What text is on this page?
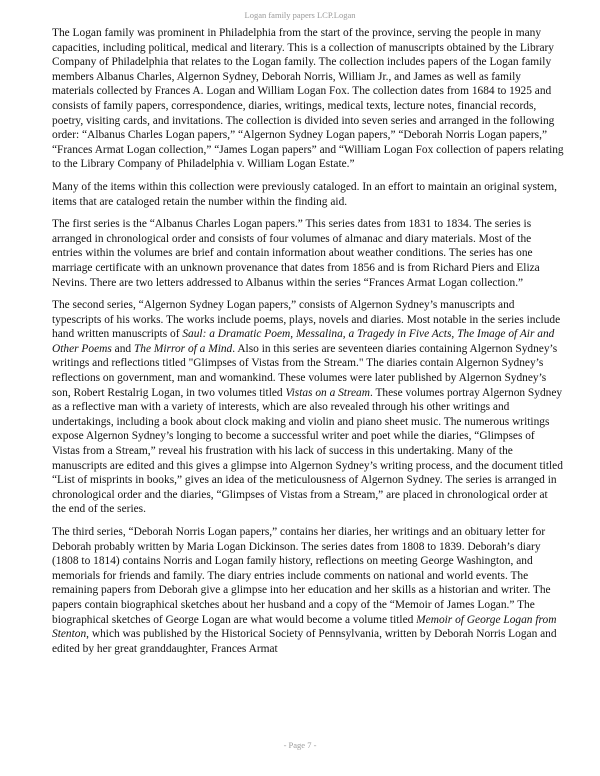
Logan family papers LCP.Logan

The Logan family was prominent in Philadelphia from the start of the province, serving the people in many capacities, including political, medical and literary. This is a collection of manuscripts obtained by the Library Company of Philadelphia that relates to the Logan family. The collection includes papers of the Logan family members Albanus Charles, Algernon Sydney, Deborah Norris, William Jr., and James as well as family materials collected by Frances A. Logan and William Logan Fox. The collection dates from 1684 to 1925 and consists of family papers, correspondence, diaries, writings, medical texts, lecture notes, financial records, poetry, visiting cards, and invitations. The collection is divided into seven series and arranged in the following order: “Albanus Charles Logan papers,” “Algernon Sydney Logan papers,” “Deborah Norris Logan papers,” “Frances Armat Logan collection,” “James Logan papers” and “William Logan Fox collection of papers relating to the Library Company of Philadelphia v. William Logan Estate.”

Many of the items within this collection were previously cataloged. In an effort to maintain an original system, items that are cataloged retain the number within the finding aid.

The first series is the “Albanus Charles Logan papers.” This series dates from 1831 to 1834. The series is arranged in chronological order and consists of four volumes of almanac and diary materials. Most of the entries within the volumes are brief and contain information about weather conditions. The series has one marriage certificate with an unknown provenance that dates from 1856 and is from Richard Piers and Eliza Nevins. There are two letters addressed to Albanus within the series “Frances Armat Logan collection.”

The second series, “Algernon Sydney Logan papers,” consists of Algernon Sydney’s manuscripts and typescripts of his works. The works include poems, plays, novels and diaries. Most notable in the series include hand written manuscripts of Saul: a Dramatic Poem, Messalina, a Tragedy in Five Acts, The Image of Air and Other Poems and The Mirror of a Mind. Also in this series are seventeen diaries containing Algernon Sydney’s writings and reflections titled "Glimpses of Vistas from the Stream." The diaries contain Algernon Sydney’s reflections on government, man and womankind. These volumes were later published by Algernon Sydney’s son, Robert Restalrig Logan, in two volumes titled Vistas on a Stream. These volumes portray Algernon Sydney as a reflective man with a variety of interests, which are also revealed through his other writings and undertakings, including a book about clock making and violin and piano sheet music. The numerous writings expose Algernon Sydney’s longing to become a successful writer and poet while the diaries, “Glimpses of Vistas from a Stream,” reveal his frustration with his lack of success in this undertaking. Many of the manuscripts are edited and this gives a glimpse into Algernon Sydney’s writing process, and the document titled “List of misprints in books,” gives an idea of the meticulousness of Algernon Sydney. The series is arranged in chronological order and the diaries, “Glimpses of Vistas from a Stream,” are placed in chronological order at the end of the series.

The third series, “Deborah Norris Logan papers,” contains her diaries, her writings and an obituary letter for Deborah probably written by Maria Logan Dickinson. The series dates from 1808 to 1839. Deborah’s diary (1808 to 1814) contains Norris and Logan family history, reflections on meeting George Washington, and memorials for friends and family. The diary entries include comments on national and world events. The remaining papers from Deborah give a glimpse into her education and her skills as a historian and writer. The papers contain biographical sketches about her husband and a copy of the “Memoir of James Logan.” The biographical sketches of George Logan are what would become a volume titled Memoir of George Logan from Stenton, which was published by the Historical Society of Pennsylvania, written by Deborah Norris Logan and edited by her great granddaughter, Frances Armat

- Page 7 -
